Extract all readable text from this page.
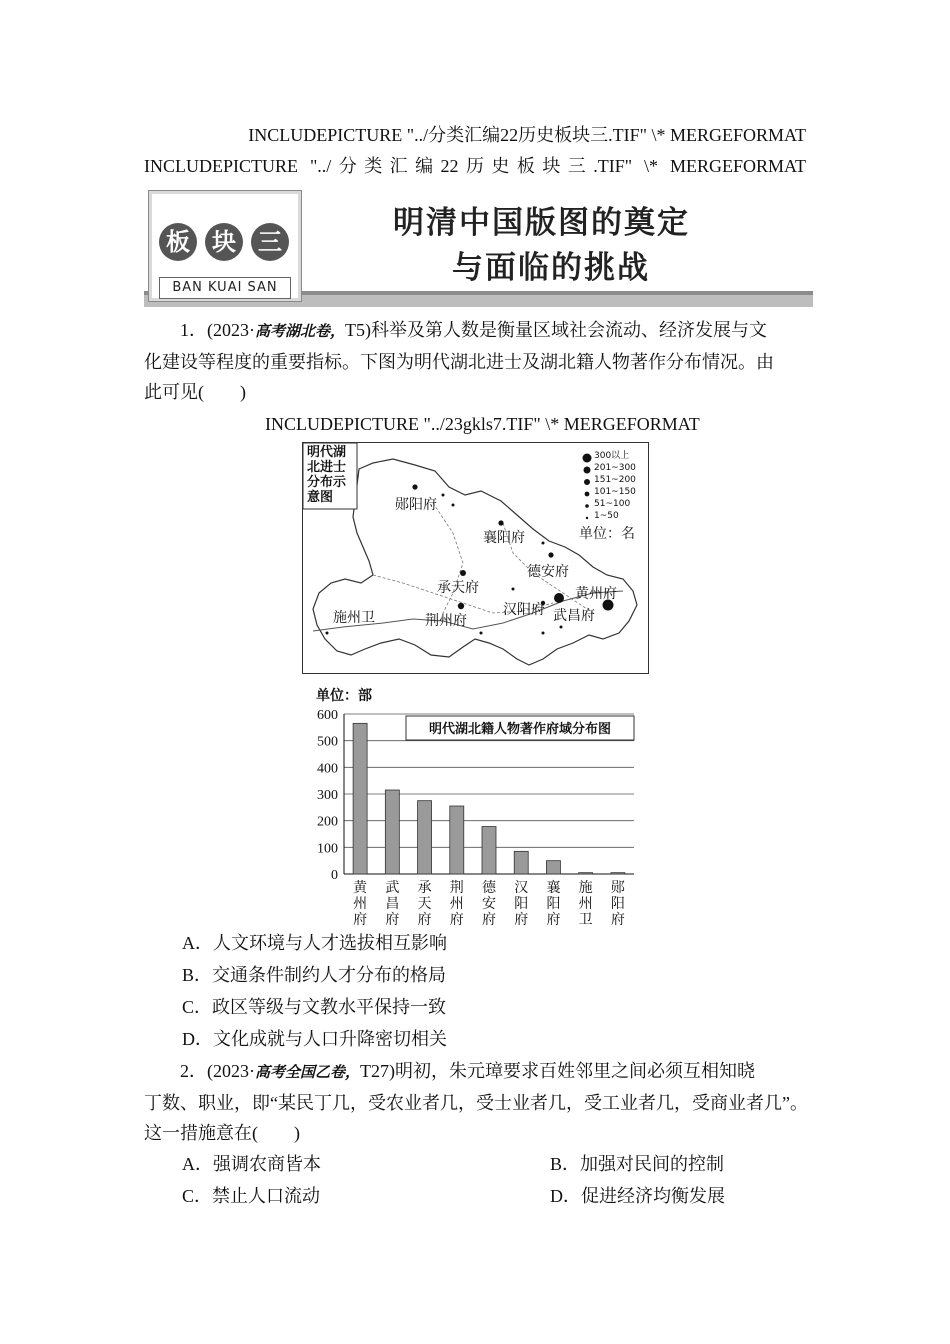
INCLUDEPICTURE "../分类汇编22历史板块三.TIF" \* MERGEFORMAT
INCLUDEPICTURE "../分类汇编22历史板块三.TIF" \* MERGEFORMAT
板 块 三
BAN KUAI SAN
明清中国版图的奠定
与面临的挑战
1．(2023·高考湖北卷，T5)科举及第人数是衡量区域社会流动、经济发展与文
化建设等程度的重要指标。下图为明代湖北进士及湖北籍人物著作分布情况。由
此可见(　　)
INCLUDEPICTURE "../23gkls7.TIF" \* MERGEFORMAT
明代湖
北进士
分布示
意图
300以上
201~300
151~200
101~150
51~100
1~50
单位：名
郧阳府
襄阳府
德安府
承天府	黄州府
施州卫	荆州府
汉阳府 武昌府
单位：部
0
100
200
300
400
500
600
黄州府
武昌府
承天府
荆州府
德安府
汉阳府
襄阳府
施州卫
郧阳府
明代湖北籍人物著作府域分布图
A．人文环境与人才选拔相互影响
B．交通条件制约人才分布的格局
C．政区等级与文教水平保持一致
D．文化成就与人口升降密切相关
2．(2023·高考全国乙卷，T27)明初，朱元璋要求百姓邻里之间必须互相知晓
丁数、职业，即“某民丁几，受农业者几，受士业者几，受工业者几，受商业者几”。
这一措施意在(　　)
A．强调农商皆本	B．加强对民间的控制
C．禁止人口流动	D．促进经济均衡发展
